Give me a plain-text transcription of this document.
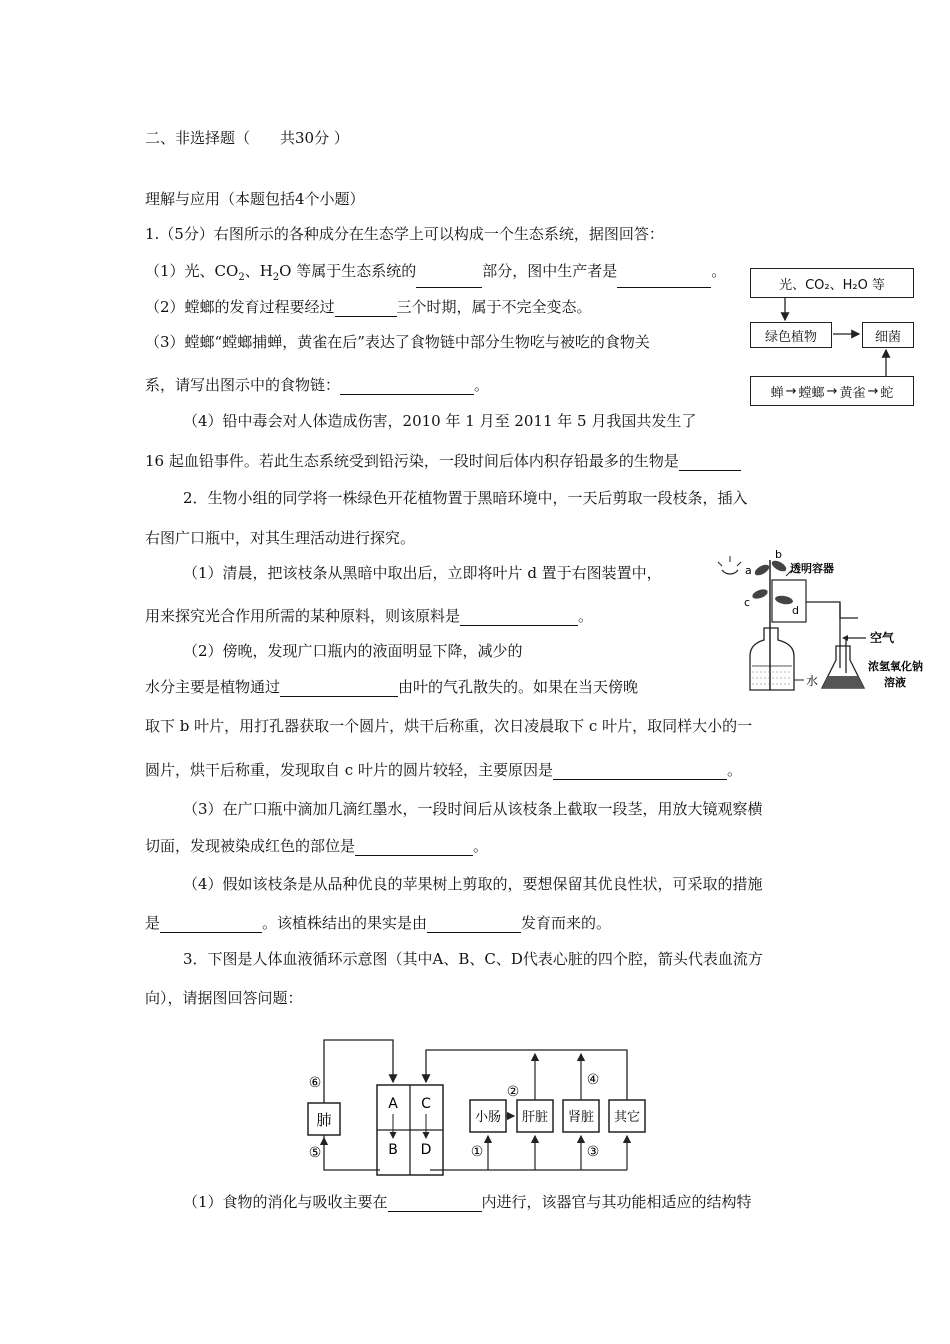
二、非选择题（　　共30分 ）
理解与应用（本题包括4个小题）
1.（5分）右图所示的各种成分在生态学上可以构成一个生态系统，据图回答：
（1）光、$CO_2$、$H_2O$ 等属于生态系统的	部分，图中生产者是	。
（2）螳螂的发育过程要经过	三个时期，属于不完全变态。
（3）螳螂“螳螂捕蝉，黄雀在后”表达了食物链中部分生物吃与被吃的食物关
系，请写出图示中的食物链：	。
（4）铅中毒会对人体造成伤害，2010 年 1 月至 2011 年 5 月我国共发生了
16 起血铅事件。若此生态系统受到铅污染，一段时间后体内积存铅最多的生物是
光、CO₂、H₂O 等
绿色植物	细菌
蝉 → 螳螂 → 黄雀 → 蛇
2．生物小组的同学将一株绿色开花植物置于黑暗环境中，一天后剪取一段枝条，插入
右图广口瓶中，对其生理活动进行探究。
（1）清晨，把该枝条从黑暗中取出后，立即将叶片 d 置于右图装置中，
用来探究光合作用所需的某种原料，则该原料是	。
（2）傍晚，发现广口瓶内的液面明显下降，减少的
水分主要是植物通过	由叶的气孔散失的。如果在当天傍晚
取下 b 叶片，用打孔器获取一个圆片，烘干后称重，次日凌晨取下 c 叶片，取同样大小的一
圆片，烘干后称重，发现取自 c 叶片的圆片较轻，主要原因是	。
（3）在广口瓶中滴加几滴红墨水，一段时间后从该枝条上截取一段茎，用放大镜观察横
切面，发现被染成红色的部位是	。
（4）假如该枝条是从品种优良的苹果树上剪取的，要想保留其优良性状，可采取的措施
是	。该植株结出的果实是由	发育而来的。
a
b
c
d
透明容器
水
空气
浓氢氧化钠
溶液
3．下图是人体血液循环示意图（其中A、B、C、D代表心脏的四个腔，箭头代表血流方
向），请据图回答问题：
肺
A C
B D
小肠 肝脏 肾脏 其它
⑥
⑤
②
①
④
③
（1）食物的消化与吸收主要在	内进行，该器官与其功能相适应的结构特
